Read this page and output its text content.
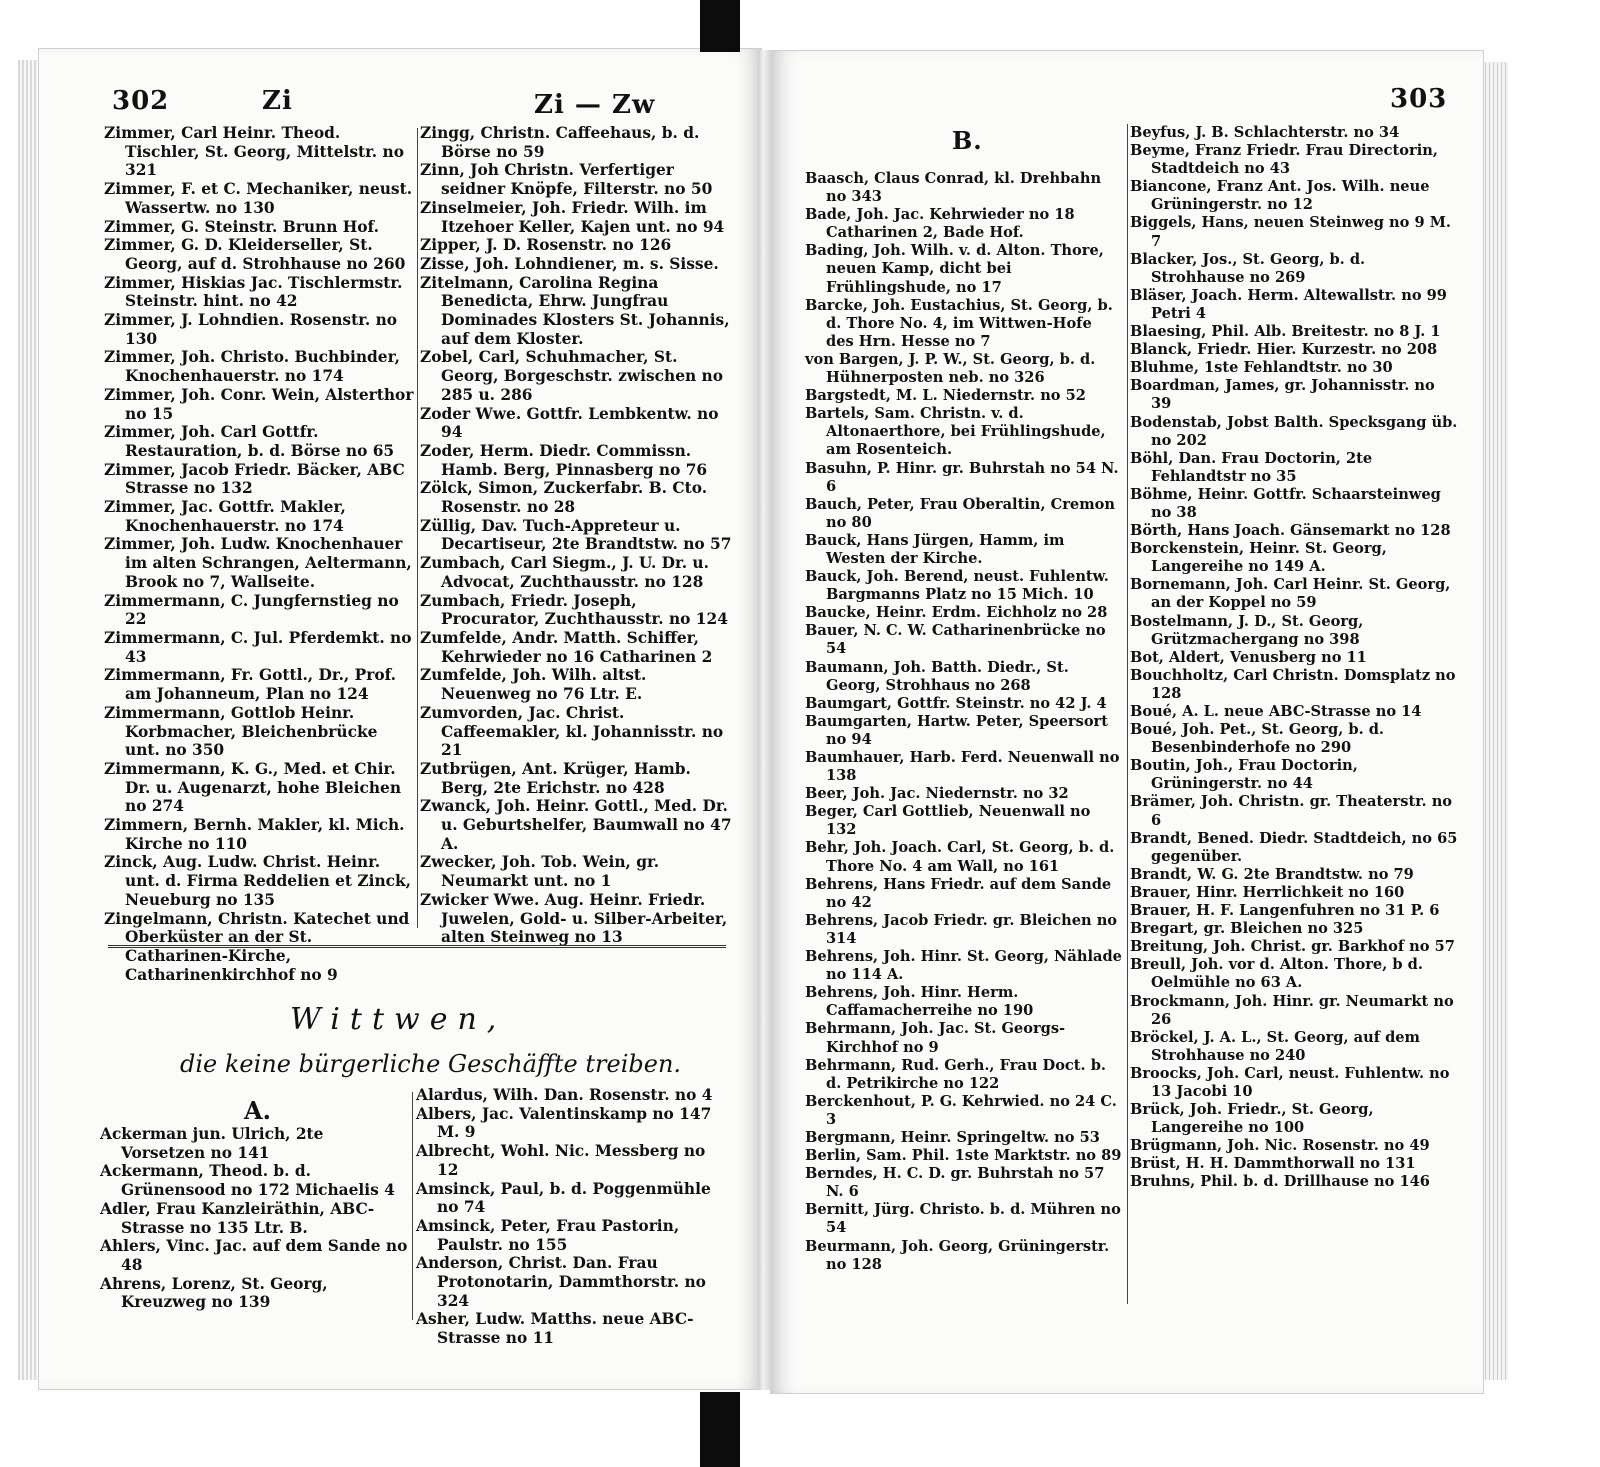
302	Zi	Zi — Zw

Zimmer, Carl Heinr. Theod. Tischler, St. Georg, Mittelstr. no 321

Zimmer, F. et C. Mechaniker, neust. Wassertw. no 130

Zimmer, G. Steinstr. Brunn Hof.

Zimmer, G. D. Kleiderseller, St. Georg, auf d. Strohhause no 260

Zimmer, Hiskias Jac. Tischlermstr. Steinstr. hint. no 42

Zimmer, J. Lohndien. Rosenstr. no 130

Zimmer, Joh. Christo. Buchbinder, Knochenhauerstr. no 174

Zimmer, Joh. Conr. Wein, Alsterthor no 15

Zimmer, Joh. Carl Gottfr. Restauration, b. d. Börse no 65

Zimmer, Jacob Friedr. Bäcker, ABC Strasse no 132

Zimmer, Jac. Gottfr. Makler, Knochenhauerstr. no 174

Zimmer, Joh. Ludw. Knochenhauer im alten Schrangen, Aeltermann, Brook no 7, Wallseite.

Zimmermann, C. Jungfernstieg no 22

Zimmermann, C. Jul. Pferdemkt. no 43

Zimmermann, Fr. Gottl., Dr., Prof. am Johanneum, Plan no 124

Zimmermann, Gottlob Heinr. Korbmacher, Bleichenbrücke unt. no 350

Zimmermann, K. G., Med. et Chir. Dr. u. Augenarzt, hohe Bleichen no 274

Zimmern, Bernh. Makler, kl. Mich. Kirche no 110

Zinck, Aug. Ludw. Christ. Heinr. unt. d. Firma Reddelien et Zinck, Neueburg no 135

Zingelmann, Christn. Katechet und Oberküster an der St. Catharinen-Kirche, Catharinenkirchhof no 9

Zingg, Christn. Caffeehaus, b. d. Börse no 59

Zinn, Joh Christn. Verfertiger seidner Knöpfe, Filterstr. no 50

Zinselmeier, Joh. Friedr. Wilh. im Itzehoer Keller, Kajen unt. no 94

Zipper, J. D. Rosenstr. no 126

Zisse, Joh. Lohndiener, m. s. Sisse.

Zitelmann, Carolina Regina Benedicta, Ehrw. Jungfrau Dominades Klosters St. Johannis, auf dem Kloster.

Zobel, Carl, Schuhmacher, St. Georg, Borgeschstr. zwischen no 285 u. 286

Zoder Wwe. Gottfr. Lembkentw. no 94

Zoder, Herm. Diedr. Commissn. Hamb. Berg, Pinnasberg no 76

Zölck, Simon, Zuckerfabr. B. Cto. Rosenstr. no 28

Züllig, Dav. Tuch-Appreteur u. Decartiseur, 2te Brandtstw. no 57

Zumbach, Carl Siegm., J. U. Dr. u. Advocat, Zuchthausstr. no 128

Zumbach, Friedr. Joseph, Procurator, Zuchthausstr. no 124

Zumfelde, Andr. Matth. Schiffer, Kehrwieder no 16 Catharinen 2

Zumfelde, Joh. Wilh. altst. Neuenweg no 76 Ltr. E.

Zumvorden, Jac. Christ. Caffeemakler, kl. Johannisstr. no 21

Zutbrügen, Ant. Krüger, Hamb. Berg, 2te Erichstr. no 428

Zwanck, Joh. Heinr. Gottl., Med. Dr. u. Geburtshelfer, Baumwall no 47 A.

Zwecker, Joh. Tob. Wein, gr. Neumarkt unt. no 1

Zwicker Wwe. Aug. Heinr. Friedr. Juwelen, Gold- u. Silber-Arbeiter, alten Steinweg no 13

Wittwen,
die keine bürgerliche Geschäffte treiben.
A.

Ackerman jun. Ulrich, 2te Vorsetzen no 141

Ackermann, Theod. b. d. Grünensood no 172 Michaelis 4

Adler, Frau Kanzleiräthin, ABC-Strasse no 135 Ltr. B.

Ahlers, Vinc. Jac. auf dem Sande no 48

Ahrens, Lorenz, St. Georg, Kreuzweg no 139

Alardus, Wilh. Dan. Rosenstr. no 4

Albers, Jac. Valentinskamp no 147 M. 9

Albrecht, Wohl. Nic. Messberg no 12

Amsinck, Paul, b. d. Poggenmühle no 74

Amsinck, Peter, Frau Pastorin, Paulstr. no 155

Anderson, Christ. Dan. Frau Protonotarin, Dammthorstr. no 324

Asher, Ludw. Matths. neue ABC-Strasse no 11

303
B.

Baasch, Claus Conrad, kl. Drehbahn no 343

Bade, Joh. Jac. Kehrwieder no 18 Catharinen 2, Bade Hof.

Bading, Joh. Wilh. v. d. Alton. Thore, neuen Kamp, dicht bei Frühlingshude, no 17

Barcke, Joh. Eustachius, St. Georg, b. d. Thore No. 4, im Wittwen-Hofe des Hrn. Hesse no 7

von Bargen, J. P. W., St. Georg, b. d. Hühnerposten neb. no 326

Bargstedt, M. L. Niedernstr. no 52

Bartels, Sam. Christn. v. d. Altonaerthore, bei Frühlingshude, am Rosenteich.

Basuhn, P. Hinr. gr. Buhrstah no 54 N. 6

Bauch, Peter, Frau Oberaltin, Cremon no 80

Bauck, Hans Jürgen, Hamm, im Westen der Kirche.

Bauck, Joh. Berend, neust. Fuhlentw. Bargmanns Platz no 15 Mich. 10

Baucke, Heinr. Erdm. Eichholz no 28

Bauer, N. C. W. Catharinenbrücke no 54

Baumann, Joh. Batth. Diedr., St. Georg, Strohhaus no 268

Baumgart, Gottfr. Steinstr. no 42 J. 4

Baumgarten, Hartw. Peter, Speersort no 94

Baumhauer, Harb. Ferd. Neuenwall no 138

Beer, Joh. Jac. Niedernstr. no 32

Beger, Carl Gottlieb, Neuenwall no 132

Behr, Joh. Joach. Carl, St. Georg, b. d. Thore No. 4 am Wall, no 161

Behrens, Hans Friedr. auf dem Sande no 42

Behrens, Jacob Friedr. gr. Bleichen no 314

Behrens, Joh. Hinr. St. Georg, Nählade no 114 A.

Behrens, Joh. Hinr. Herm. Caffamacherreihe no 190

Behrmann, Joh. Jac. St. Georgs-Kirchhof no 9

Behrmann, Rud. Gerh., Frau Doct. b. d. Petrikirche no 122

Berckenhout, P. G. Kehrwied. no 24 C. 3

Bergmann, Heinr. Springeltw. no 53

Berlin, Sam. Phil. 1ste Marktstr. no 89

Berndes, H. C. D. gr. Buhrstah no 57 N. 6

Bernitt, Jürg. Christo. b. d. Mühren no 54

Beurmann, Joh. Georg, Grüningerstr. no 128

Beyfus, J. B. Schlachterstr. no 34

Beyme, Franz Friedr. Frau Directorin, Stadtdeich no 43

Biancone, Franz Ant. Jos. Wilh. neue Grüningerstr. no 12

Biggels, Hans, neuen Steinweg no 9 M. 7

Blacker, Jos., St. Georg, b. d. Strohhause no 269

Bläser, Joach. Herm. Altewallstr. no 99 Petri 4

Blaesing, Phil. Alb. Breitestr. no 8 J. 1

Blanck, Friedr. Hier. Kurzestr. no 208

Bluhme, 1ste Fehlandtstr. no 30

Boardman, James, gr. Johannisstr. no 39

Bodenstab, Jobst Balth. Specksgang üb. no 202

Böhl, Dan. Frau Doctorin, 2te Fehlandtstr no 35

Böhme, Heinr. Gottfr. Schaarsteinweg no 38

Börth, Hans Joach. Gänsemarkt no 128

Borckenstein, Heinr. St. Georg, Langereihe no 149 A.

Bornemann, Joh. Carl Heinr. St. Georg, an der Koppel no 59

Bostelmann, J. D., St. Georg, Grützmachergang no 398

Bot, Aldert, Venusberg no 11

Bouchholtz, Carl Christn. Domsplatz no 128

Boué, A. L. neue ABC-Strasse no 14

Boué, Joh. Pet., St. Georg, b. d. Besenbinderhofe no 290

Boutin, Joh., Frau Doctorin, Grüningerstr. no 44

Brämer, Joh. Christn. gr. Theaterstr. no 6

Brandt, Bened. Diedr. Stadtdeich, no 65 gegenüber.

Brandt, W. G. 2te Brandtstw. no 79

Brauer, Hinr. Herrlichkeit no 160

Brauer, H. F. Langenfuhren no 31 P. 6

Bregart, gr. Bleichen no 325

Breitung, Joh. Christ. gr. Barkhof no 57

Breull, Joh. vor d. Alton. Thore, b d. Oelmühle no 63 A.

Brockmann, Joh. Hinr. gr. Neumarkt no 26

Bröckel, J. A. L., St. Georg, auf dem Strohhause no 240

Broocks, Joh. Carl, neust. Fuhlentw. no 13 Jacobi 10

Brück, Joh. Friedr., St. Georg, Langereihe no 100

Brügmann, Joh. Nic. Rosenstr. no 49

Brüst, H. H. Dammthorwall no 131

Bruhns, Phil. b. d. Drillhause no 146
